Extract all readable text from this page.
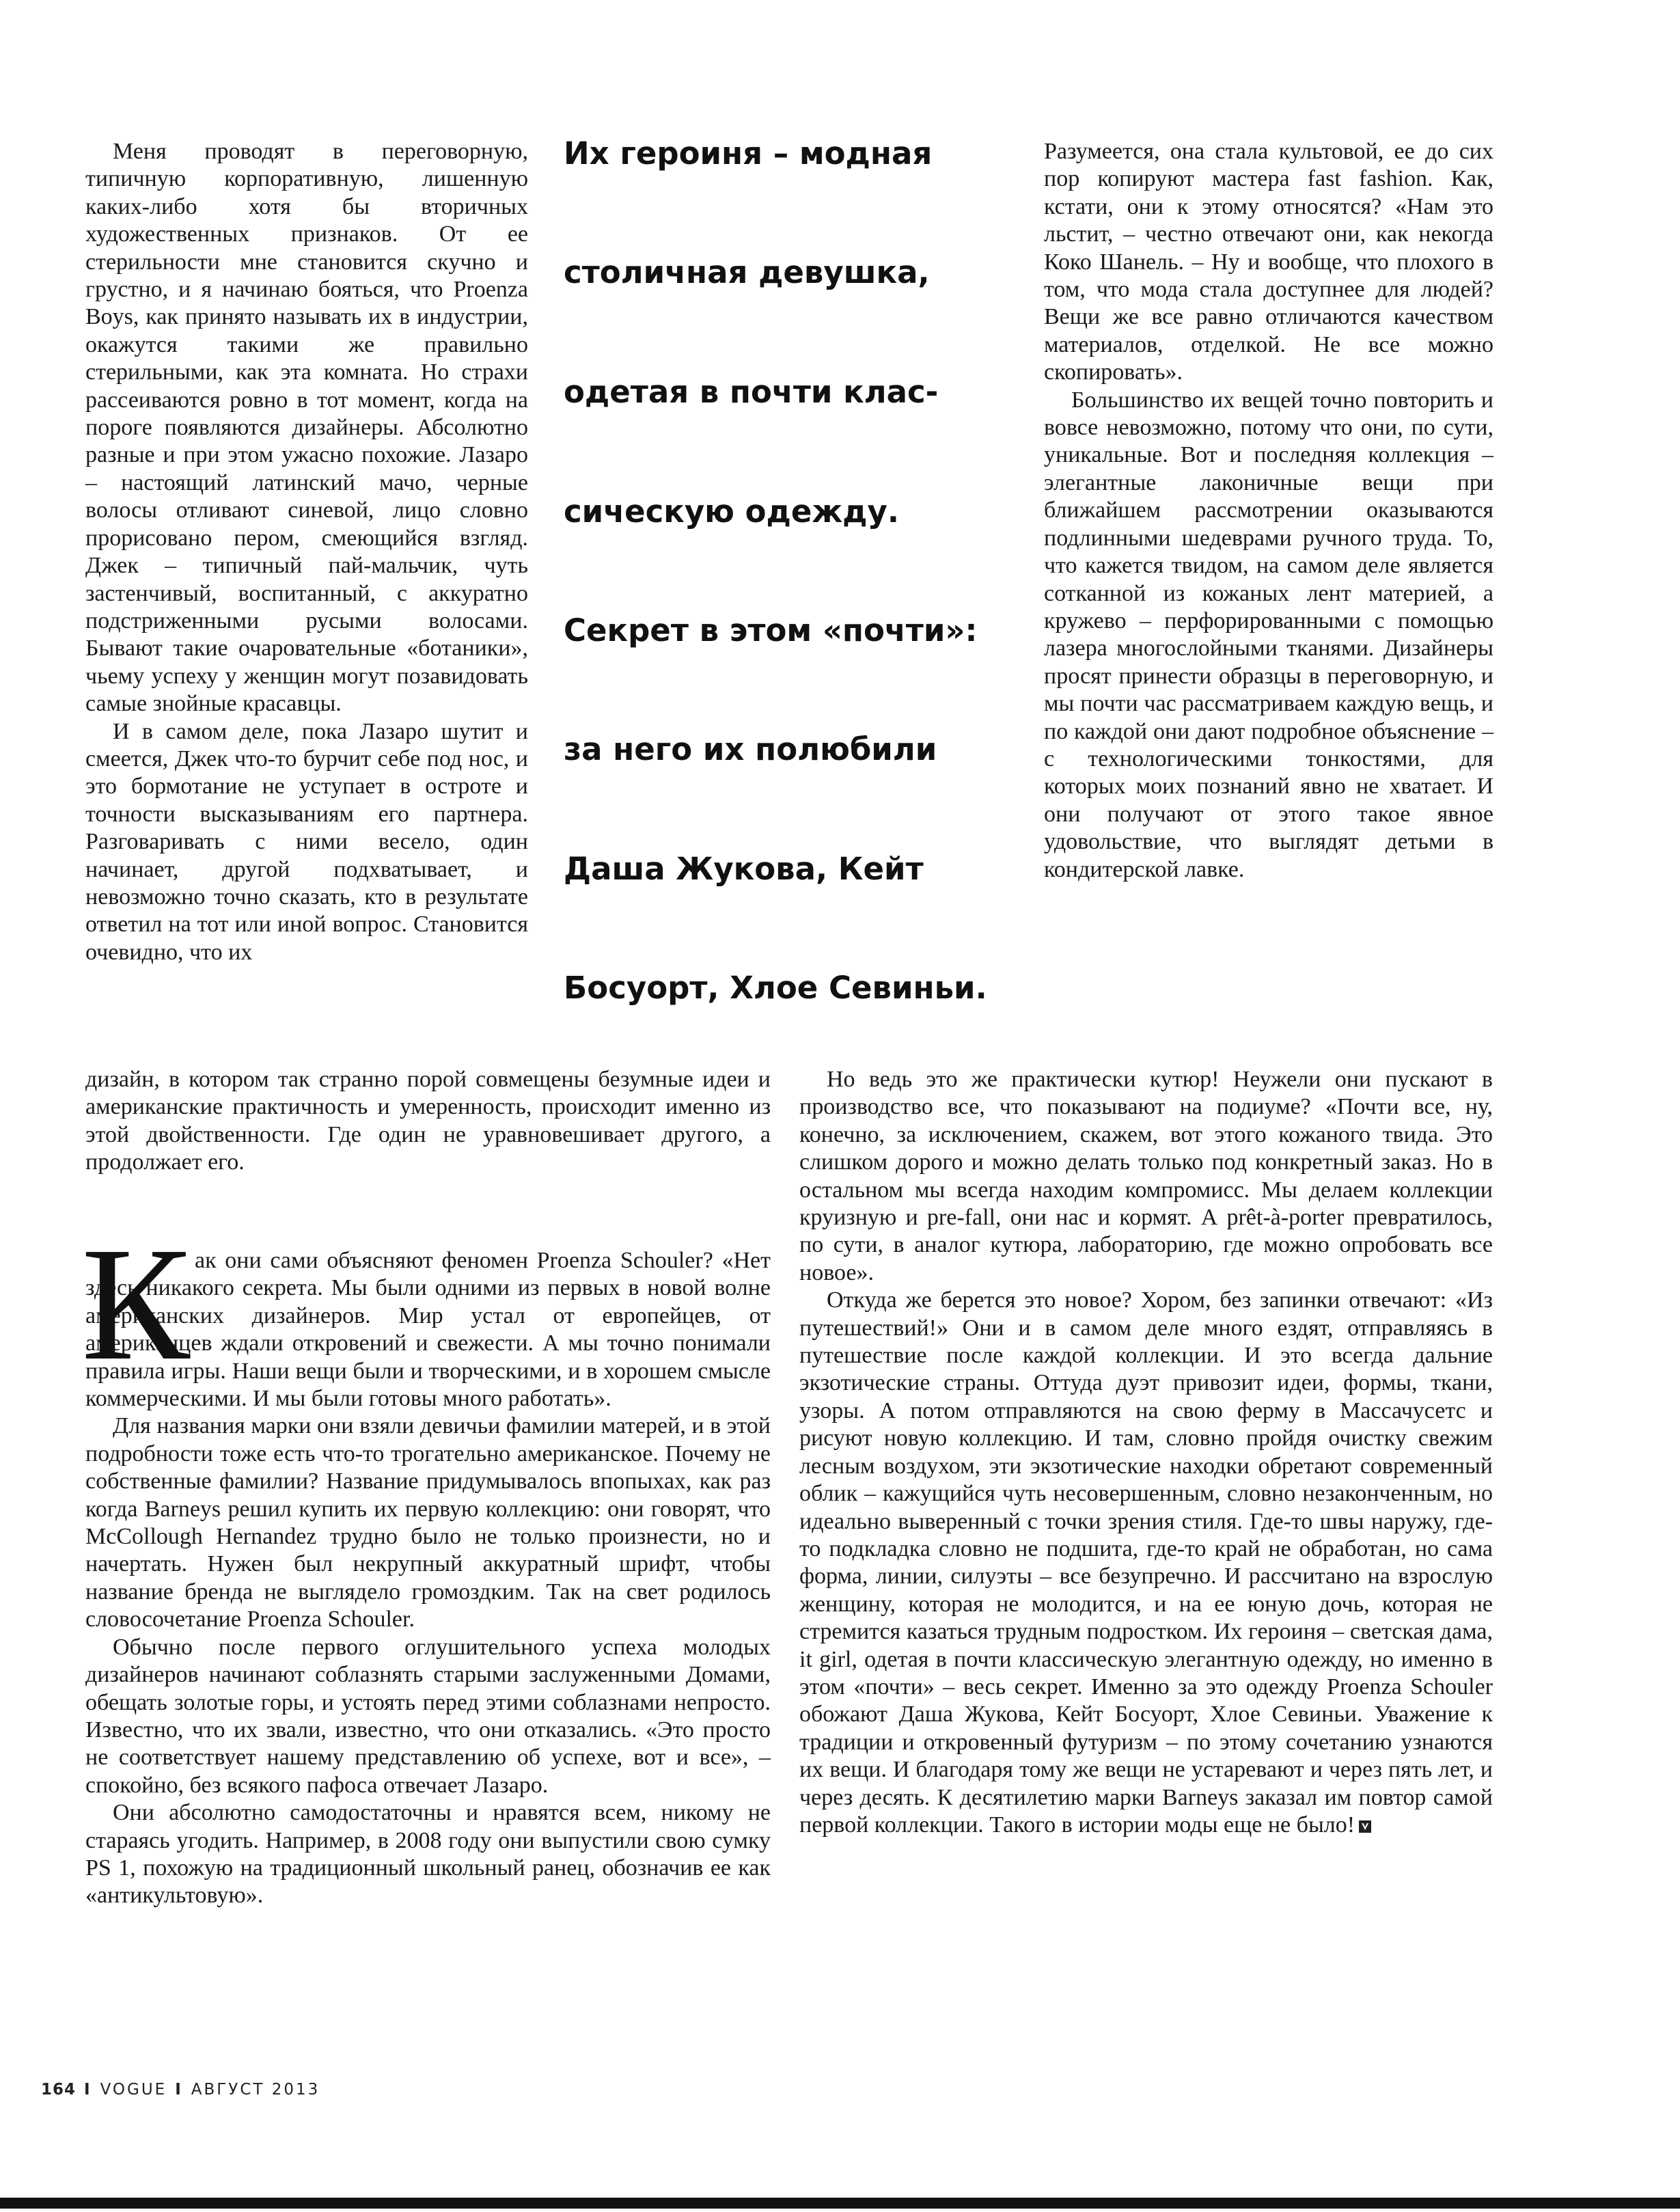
Меня проводят в переговорную, типичную корпоративную, лишенную каких-либо хотя бы вторичных художественных признаков. От ее стерильности мне становится скучно и грустно, и я начинаю бояться, что Proenza Boys, как принято называть их в индустрии, окажутся такими же правильно стерильными, как эта комната. Но страхи рассеиваются ровно в тот момент, когда на пороге появляются дизайнеры. Абсолютно разные и при этом ужасно похожие. Лазаро – настоящий латинский мачо, черные волосы отливают синевой, лицо словно прорисовано пером, смеющийся взгляд. Джек – типичный пай-мальчик, чуть застенчивый, воспитанный, с аккуратно подстриженными русыми волосами. Бывают такие очаровательные «ботаники», чьему успеху у женщин могут позавидовать самые знойные красавцы.

И в самом деле, пока Лазаро шутит и смеется, Джек что-то бурчит себе под нос, и это бормотание не уступает в остроте и точности высказываниям его партнера. Разговаривать с ними весело, один начинает, другой подхватывает, и невозможно точно сказать, кто в результате ответил на тот или иной вопрос. Становится очевидно, что их

Их героиня – модная
столичная девушка,
одетая в почти клас-
сическую одежду.
Секрет в этом «почти»:
за него их полюбили
Даша Жукова, Кейт
Босуорт, Хлое Севиньи.

Разумеется, она стала культовой, ее до сих пор копируют мастера fast fashion. Как, кстати, они к этому относятся? «Нам это льстит, – честно отвечают они, как некогда Коко Шанель. – Ну и вообще, что плохого в том, что мода стала доступнее для людей? Вещи же все равно отличаются качеством материалов, отделкой. Не все можно скопировать».

Большинство их вещей точно повторить и вовсе невозможно, потому что они, по сути, уникальные. Вот и последняя коллекция – элегантные лаконичные вещи при ближайшем рассмотрении оказываются подлинными шедеврами ручного труда. То, что кажется твидом, на самом деле является сотканной из кожаных лент материей, а кружево – перфорированными с помощью лазера многослойными тканями. Дизайнеры просят принести образцы в переговорную, и мы почти час рассматриваем каждую вещь, и по каждой они дают подробное объяснение – с технологическими тонкостями, для которых моих познаний явно не хватает. И они получают от этого такое явное удовольствие, что выглядят детьми в кондитерской лавке.

дизайн, в котором так странно порой совмещены безумные идеи и американские практичность и умеренность, происходит именно из этой двойственности. Где один не уравновешивает другого, а продолжает его.

К ак они сами объясняют феномен Proenza Schouler? «Нет здесь никакого секрета. Мы были одними из первых в новой волне американских дизайнеров. Мир устал от европейцев, от американцев ждали откровений и свежести. А мы точно понимали правила игры. Наши вещи были и творческими, и в хорошем смысле коммерческими. И мы были готовы много работать».

Для названия марки они взяли девичьи фамилии матерей, и в этой подробности тоже есть что-то трогательно американское. Почему не собственные фамилии? Название придумывалось впопыхах, как раз когда Barneys решил купить их первую коллекцию: они говорят, что McCollough Hernandez трудно было не только произнести, но и начертать. Нужен был некрупный аккуратный шрифт, чтобы название бренда не выглядело громоздким. Так на свет родилось словосочетание Proenza Schouler.

Обычно после первого оглушительного успеха молодых дизайнеров начинают соблазнять старыми заслуженными Домами, обещать золотые горы, и устоять перед этими соблазнами непросто. Известно, что их звали, известно, что они отказались. «Это просто не соответствует нашему представлению об успехе, вот и все», – спокойно, без всякого пафоса отвечает Лазаро.

Они абсолютно самодостаточны и нравятся всем, никому не стараясь угодить. Например, в 2008 году они выпустили свою сумку PS 1, похожую на традиционный школьный ранец, обозначив ее как «антикультовую».

Но ведь это же практически кутюр! Неужели они пускают в производство все, что показывают на подиуме? «Почти все, ну, конечно, за исключением, скажем, вот этого кожаного твида. Это слишком дорого и можно делать только под конкретный заказ. Но в остальном мы всегда находим компромисс. Мы делаем коллекции круизную и pre-fall, они нас и кормят. А prêt-à-porter превратилось, по сути, в аналог кутюра, лабораторию, где можно опробовать все новое».

Откуда же берется это новое? Хором, без запинки отвечают: «Из путешествий!» Они и в самом деле много ездят, отправляясь в путешествие после каждой коллекции. И это всегда дальние экзотические страны. Оттуда дуэт привозит идеи, формы, ткани, узоры. А потом отправляются на свою ферму в Массачусетс и рисуют новую коллекцию. И там, словно пройдя очистку свежим лесным воздухом, эти экзотические находки обретают современный облик – кажущийся чуть несовершенным, словно незаконченным, но идеально выверенный с точки зрения стиля. Где-то швы наружу, где-то подкладка словно не подшита, где-то край не обработан, но сама форма, линии, силуэты – все безупречно. И рассчитано на взрослую женщину, которая не молодится, и на ее юную дочь, которая не стремится казаться трудным подростком. Их героиня – светская дама, it girl, одетая в почти классическую элегантную одежду, но именно в этом «почти» – весь секрет. Именно за это одежду Proenza Schouler обожают Даша Жукова, Кейт Босуорт, Хлое Севиньи. Уважение к традиции и откровенный футуризм – по этому сочетанию узнаются их вещи. И благодаря тому же вещи не устаревают и через пять лет, и через десять. К десятилетию марки Barneys заказал им повтор самой первой коллекции. Такого в истории моды еще не было!

164 I VOGUE I АВГУСТ 2013
